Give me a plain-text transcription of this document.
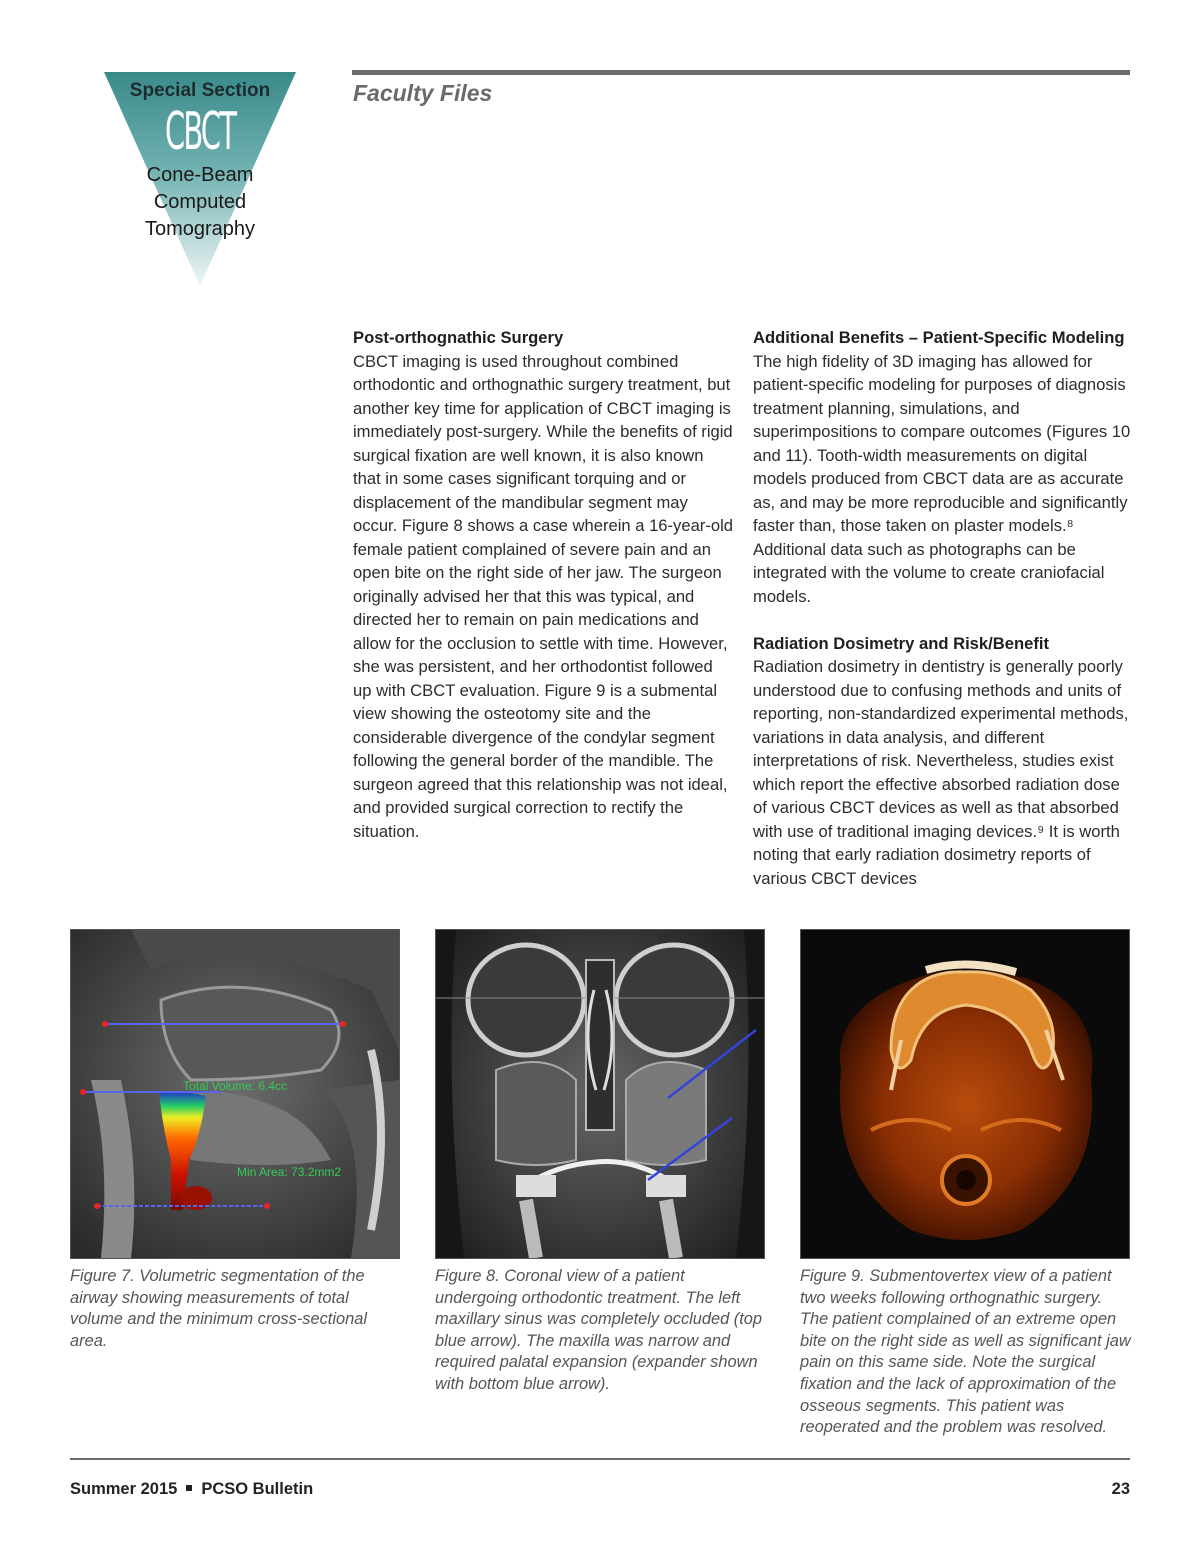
Special Section
CBCT
Cone-Beam
Computed
Tomography
Faculty Files
Post-orthognathic Surgery

CBCT imaging is used throughout combined orthodontic and orthognathic surgery treatment, but another key time for application of CBCT imaging is immediately post-surgery. While the benefits of rigid surgical fixation are well known, it is also known that in some cases significant torquing and or displacement of the mandibular segment may occur. Figure 8 shows a case wherein a 16-year-old female patient complained of severe pain and an open bite on the right side of her jaw. The surgeon originally advised her that this was typical, and directed her to remain on pain medications and allow for the occlusion to settle with time. However, she was persistent, and her orthodontist followed up with CBCT evaluation. Figure 9 is a submental view showing the osteotomy site and the considerable divergence of the condylar segment following the general border of the mandible. The surgeon agreed that this relationship was not ideal, and provided surgical correction to rectify the situation.

Additional Benefits – Patient-Specific Modeling

The high fidelity of 3D imaging has allowed for patient-specific modeling for purposes of diagnosis treatment planning, simulations, and superimpositions to compare outcomes (Figures 10 and 11). Tooth-width measurements on digital models produced from CBCT data are as accurate as, and may be more reproducible and significantly faster than, those taken on plaster models.⁸ Additional data such as photographs can be integrated with the volume to create craniofacial models.

Radiation Dosimetry and Risk/Benefit

Radiation dosimetry in dentistry is generally poorly understood due to confusing methods and units of reporting, non-standardized experimental methods, variations in data analysis, and different interpretations of risk. Nevertheless, studies exist which report the effective absorbed radiation dose of various CBCT devices as well as that absorbed with use of traditional imaging devices.⁹ It is worth noting that early radiation dosimetry reports of various CBCT devices

Total Volume: 6.4cc
Min Area: 73.2mm2
Figure 7. Volumetric segmentation of the airway showing measurements of total volume and the minimum cross-sectional area.
Figure 8. Coronal view of a patient undergoing orthodontic treatment. The left maxillary sinus was completely occluded (top blue arrow). The maxilla was narrow and required palatal expansion (expander shown with bottom blue arrow).
Figure 9. Submentovertex view of a patient two weeks following orthognathic surgery. The patient complained of an extreme open bite on the right side as well as significant jaw pain on this same side. Note the surgical fixation and the lack of approximation of the osseous segments. This patient was reoperated and the problem was resolved.
Summer 2015 PCSO Bulletin	23
